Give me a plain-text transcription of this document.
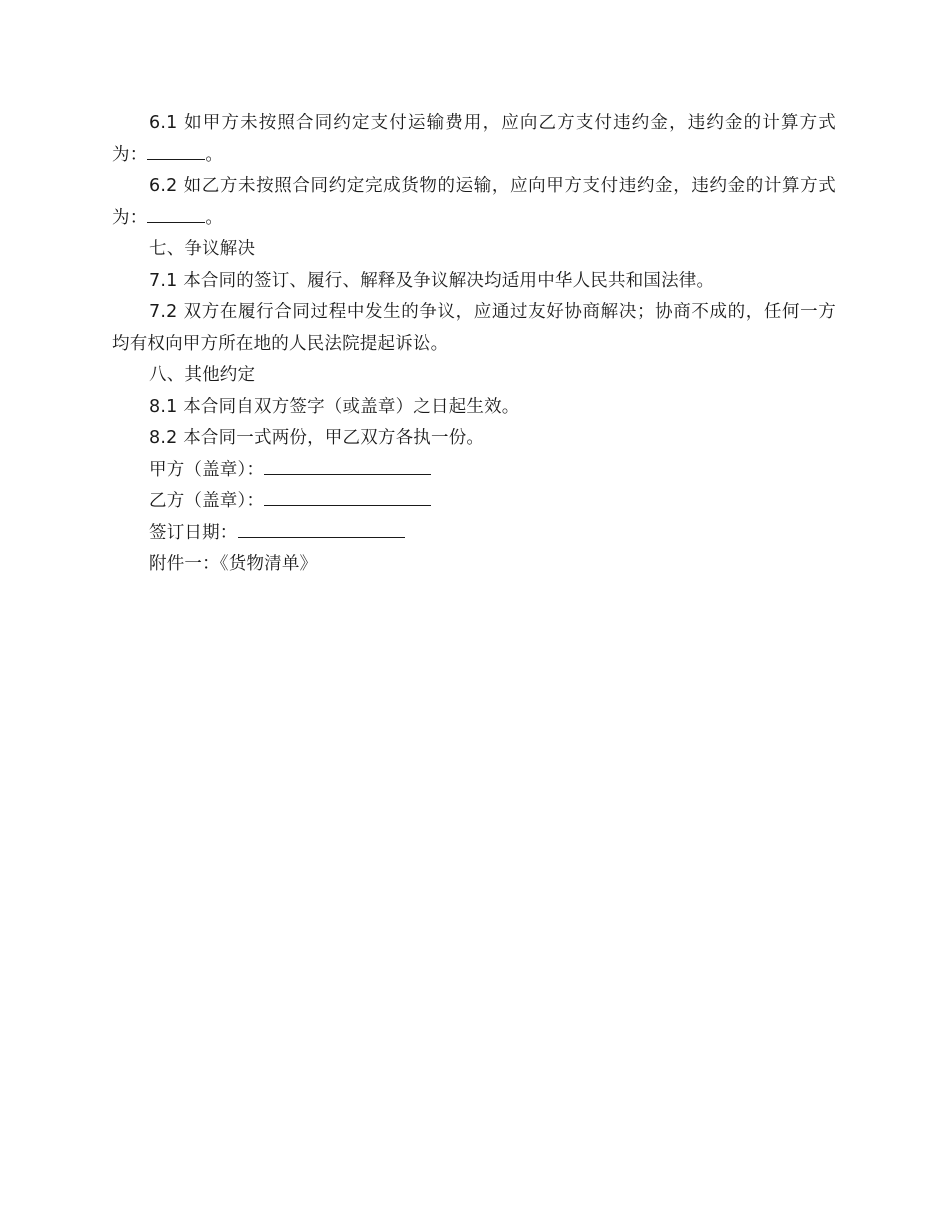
6.1 如甲方未按照合同约定支付运输费用，应向乙方支付违约金，违约金的计算方式为：	。

6.2 如乙方未按照合同约定完成货物的运输，应向甲方支付违约金，违约金的计算方式为：	。

七、争议解决

7.1 本合同的签订、履行、解释及争议解决均适用中华人民共和国法律。

7.2 双方在履行合同过程中发生的争议，应通过友好协商解决；协商不成的，任何一方均有权向甲方所在地的人民法院提起诉讼。

八、其他约定

8.1 本合同自双方签字（或盖章）之日起生效。

8.2 本合同一式两份，甲乙双方各执一份。

甲方（盖章）：

乙方（盖章）：

签订日期：

附件一：《货物清单》
